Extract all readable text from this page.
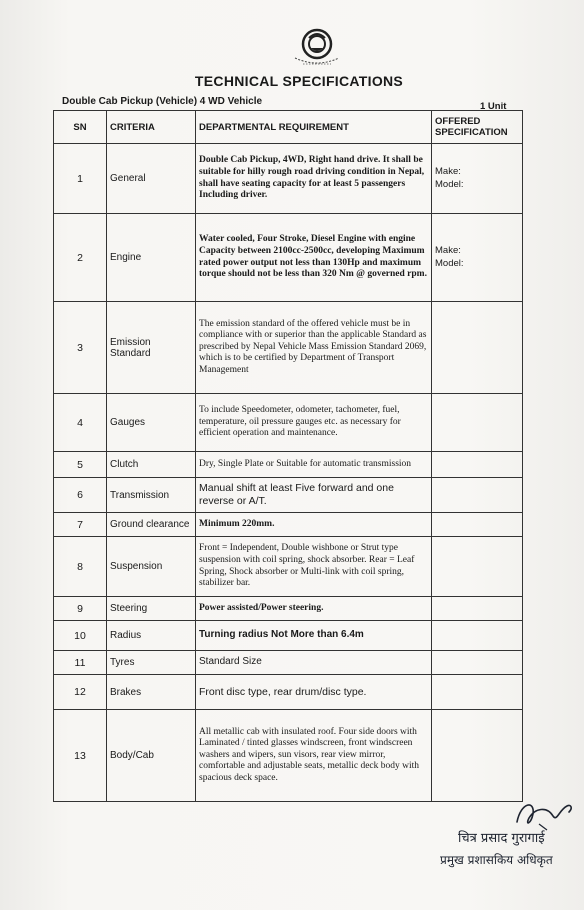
TECHNICAL SPECIFICATIONS
Double Cab Pickup (Vehicle) 4 WD Vehicle	1 Unit
SN	CRITERIA	DEPARTMENTAL REQUIREMENT	OFFERED SPECIFICATION
1	General	Double Cab Pickup, 4WD, Right hand drive. It shall be suitable for hilly rough road driving condition in Nepal, shall have seating capacity for at least 5 passengers Including driver.	Make:
Model:

2	Engine	Water cooled, Four Stroke, Diesel Engine with engine Capacity between 2100cc-2500cc, developing Maximum rated power output not less than 130Hp and maximum torque should not be less than 320 Nm @ governed rpm.	Make:
Model:

3	Emission Standard	The emission standard of the offered vehicle must be in compliance with or superior than the applicable Standard as prescribed by Nepal Vehicle Mass Emission Standard 2069, which is to be certified by Department of Transport Management	
4	Gauges	To include Speedometer, odometer, tachometer, fuel, temperature, oil pressure gauges etc. as necessary for efficient operation and maintenance.	
5	Clutch	Dry, Single Plate or Suitable for automatic transmission	
6	Transmission	Manual shift at least Five forward and one reverse or A/T.	
7	Ground clearance	Minimum 220mm.	
8	Suspension	Front = Independent, Double wishbone or Strut type suspension with coil spring, shock absorber. Rear = Leaf Spring, Shock absorber or Multi-link with coil spring, stabilizer bar.	
9	Steering	Power assisted/Power steering.	
10	Radius	Turning radius Not More than 6.4m	
11	Tyres	Standard Size	
12	Brakes	Front disc type, rear drum/disc type.	
13	Body/Cab	All metallic cab with insulated roof. Four side doors with Laminated / tinted glasses windscreen, front windscreen washers and wipers, sun visors, rear view mirror, comfortable and adjustable seats, metallic deck body with spacious deck space.	
चित्र प्रसाद गुरागाई
प्रमुख प्रशासकिय अधिकृत
